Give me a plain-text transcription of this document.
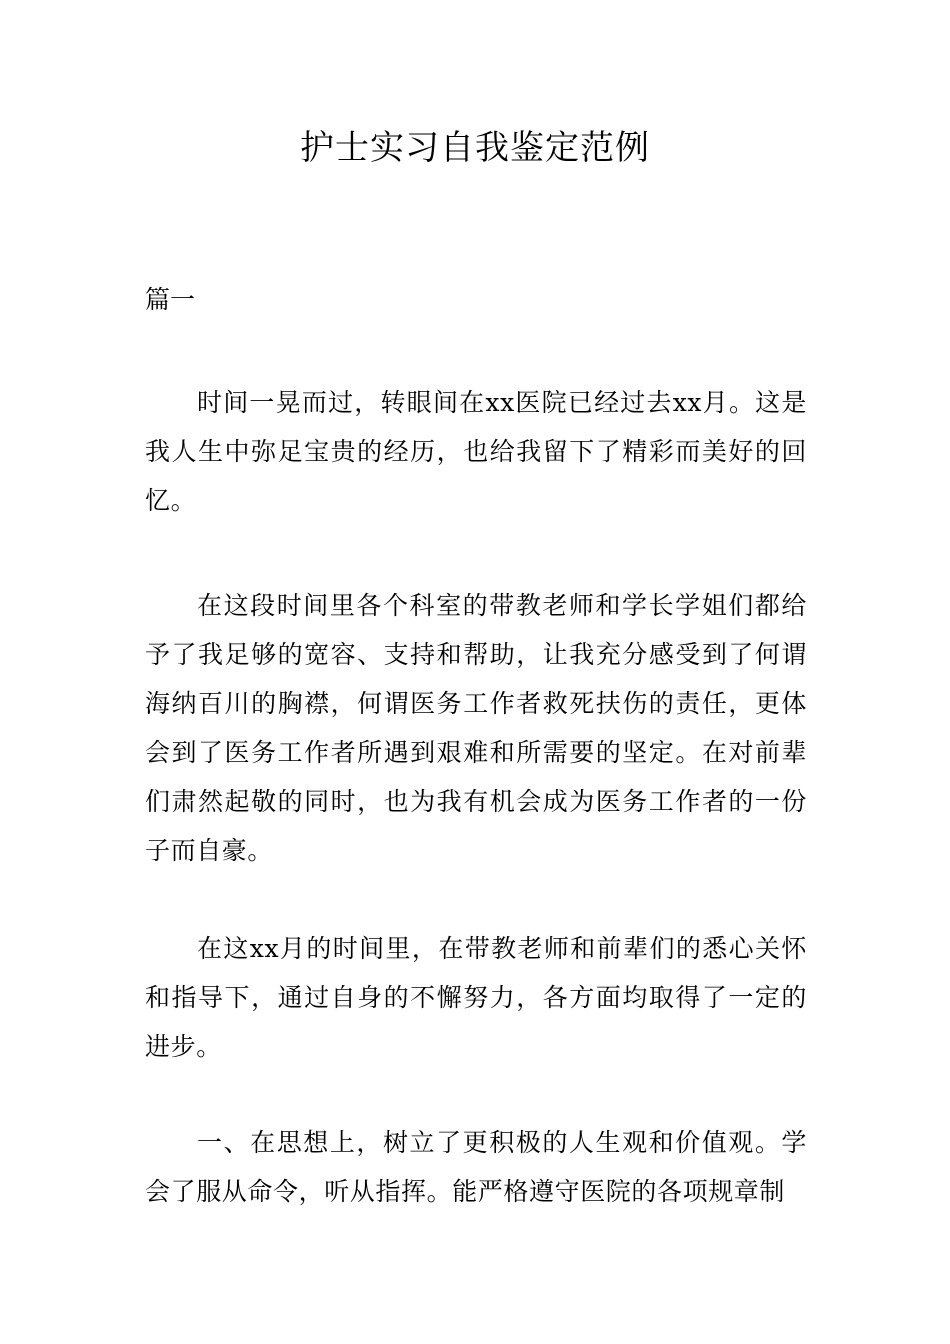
护士实习自我鉴定范例

篇一

时间一晃而过，转眼间在xx医院已经过去xx月。这是我人生中弥足宝贵的经历，也给我留下了精彩而美好的回忆。

在这段时间里各个科室的带教老师和学长学姐们都给予了我足够的宽容、支持和帮助，让我充分感受到了何谓海纳百川的胸襟，何谓医务工作者救死扶伤的责任，更体会到了医务工作者所遇到艰难和所需要的坚定。在对前辈们肃然起敬的同时，也为我有机会成为医务工作者的一份子而自豪。

在这xx月的时间里，在带教老师和前辈们的悉心关怀和指导下，通过自身的不懈努力，各方面均取得了一定的进步。

一、在思想上，树立了更积极的人生观和价值观。学会了服从命令，听从指挥。能严格遵守医院的各项规章制
